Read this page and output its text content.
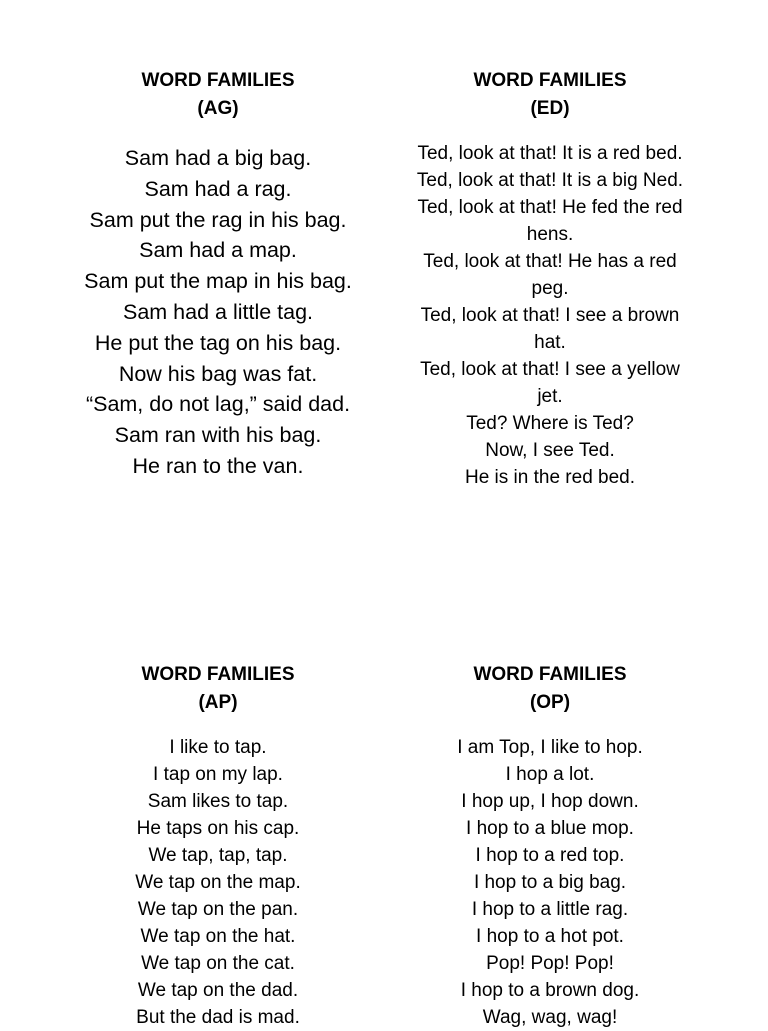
WORD FAMILIES
(AG)
Sam had a big bag.
Sam had a rag.
Sam put the rag in his bag.
Sam had a map.
Sam put the map in his bag.
Sam had a little tag.
He put the tag on his bag.
Now his bag was fat.
“Sam, do not lag,” said dad.
Sam ran with his bag.
He ran to the van.
WORD FAMILIES
(ED)
Ted, look at that! It is a red bed.
Ted, look at that! It is a big Ned.
Ted, look at that! He fed the red
hens.
Ted, look at that! He has a red
peg.
Ted, look at that! I see a brown
hat.
Ted, look at that! I see a yellow
jet.
Ted? Where is Ted?
Now, I see Ted.
He is in the red bed.
WORD FAMILIES
(AP)
I like to tap.
I tap on my lap.
Sam likes to tap.
He taps on his cap.
We tap, tap, tap.
We tap on the map.
We tap on the pan.
We tap on the hat.
We tap on the cat.
We tap on the dad.
But the dad is mad.
WORD FAMILIES
(OP)
I am Top, I like to hop.
I hop a lot.
I hop up, I hop down.
I hop to a blue mop.
I hop to a red top.
I hop to a big bag.
I hop to a little rag.
I hop to a hot pot.
Pop! Pop! Pop!
I hop to a brown dog.
Wag, wag, wag!
